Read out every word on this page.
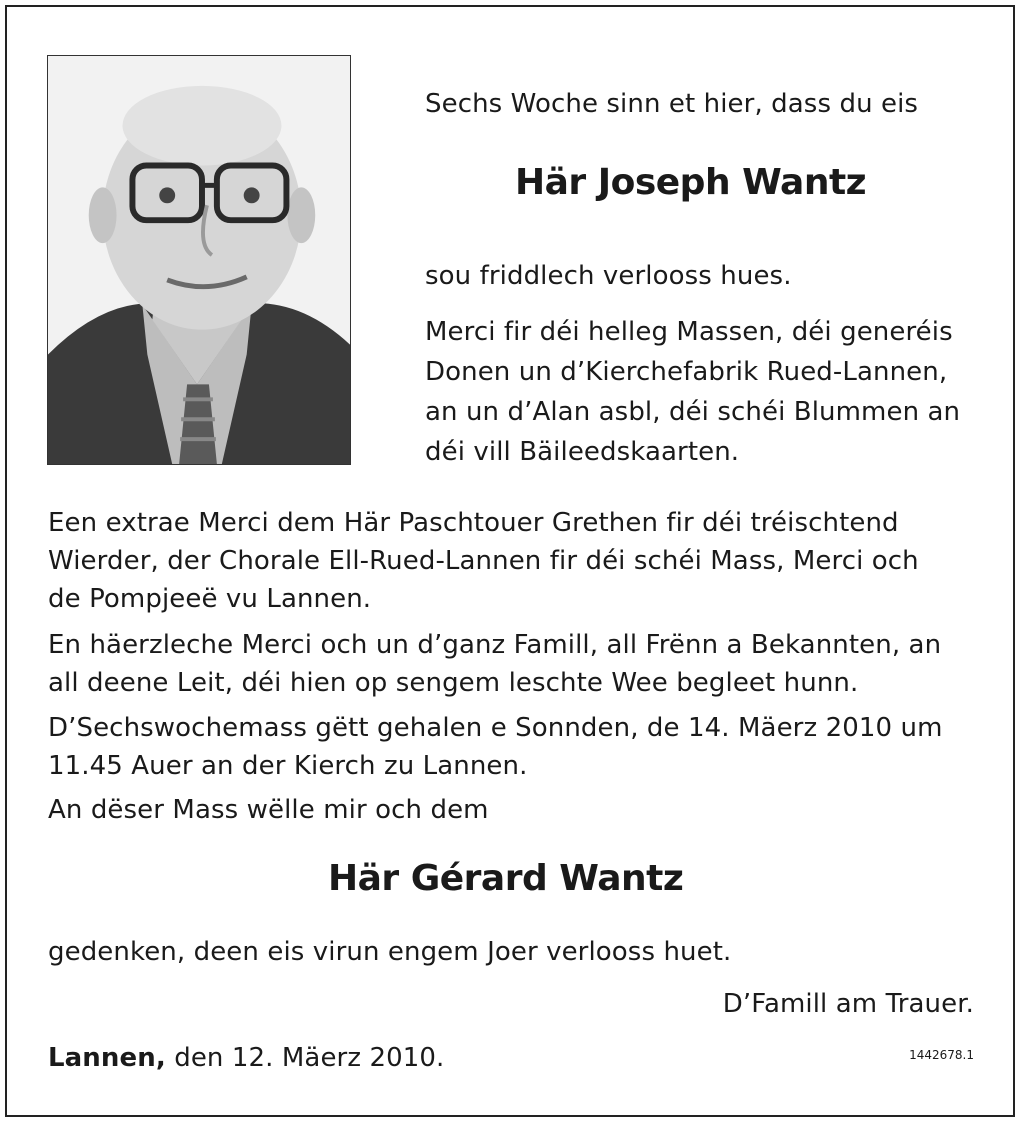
Sechs Woche sinn et hier, dass du eis
Här Joseph Wantz
sou friddlech verlooss hues.
Merci fir déi helleg Massen, déi generéis
Donen un d’Kierchefabrik Rued-Lannen,
an un d’Alan asbl, déi schéi Blummen an
déi vill Bäileedskaarten.
Een extrae Merci dem Här Paschtouer Grethen fir déi tréischtend
Wierder, der Chorale Ell-Rued-Lannen fir déi schéi Mass, Merci och
de Pompjeeë vu Lannen.
En häerzleche Merci och un d’ganz Famill, all Frënn a Bekannten, an
all deene Leit, déi hien op sengem leschte Wee begleet hunn.
D’Sechswochemass gëtt gehalen e Sonnden, de 14. Mäerz 2010 um
11.45 Auer an der Kierch zu Lannen.
An dëser Mass wëlle mir och dem
Här Gérard Wantz
gedenken, deen eis virun engem Joer verlooss huet.
D’Famill am Trauer.
Lannen, den 12. Mäerz 2010.	1442678.1
